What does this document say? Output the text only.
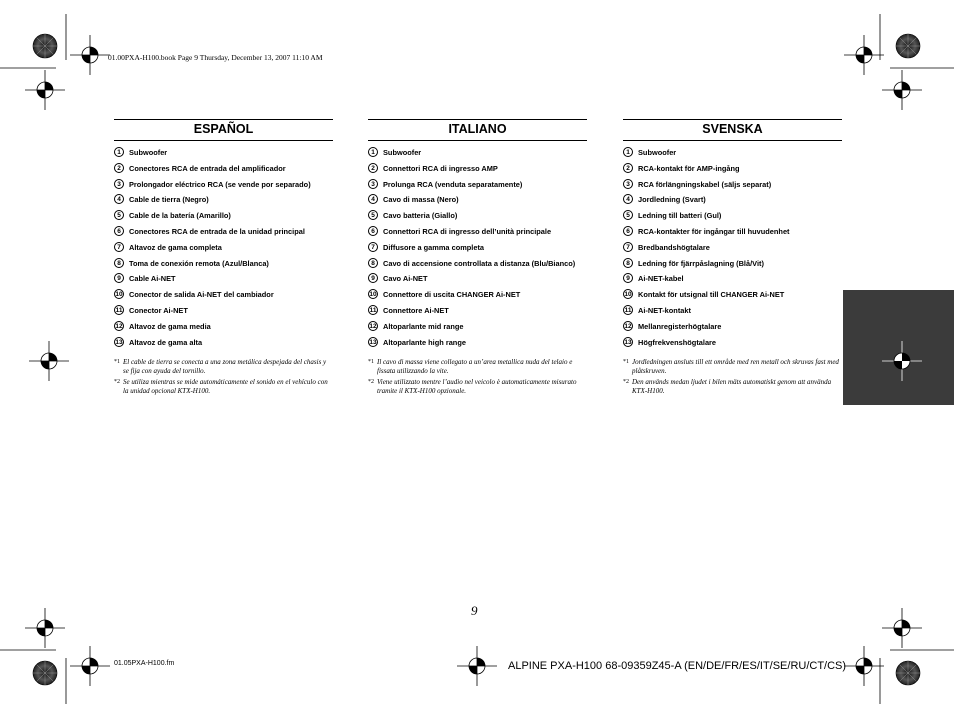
01.00PXA-H100.book Page 9 Thursday, December 13, 2007 11:10 AM
ESPAÑOL
1	Subwoofer
2	Conectores RCA de entrada del amplificador
3	Prolongador eléctrico RCA (se vende por separado)
4	Cable de tierra (Negro)
5	Cable de la batería (Amarillo)
6	Conectores RCA de entrada de la unidad principal
7	Altavoz de gama completa
8	Toma de conexión remota (Azul/Blanca)
9	Cable Ai-NET
10 Conector de salida Ai-NET del cambiador
11 Conector Ai-NET
12 Altavoz de gama media
13 Altavoz de gama alta
*1 El cable de tierra se conecta a una zona metálica despejada del chasis y se fija con ayuda del tornillo.
*2 Se utiliza mientras se mide automáticamente el sonido en el vehículo con la unidad opcional KTX-H100.
ITALIANO
1	Subwoofer
2	Connettori RCA di ingresso AMP
3	Prolunga RCA (venduta separatamente)
4	Cavo di massa (Nero)
5	Cavo batteria (Giallo)
6	Connettori RCA di ingresso dell’unità principale
7	Diffusore a gamma completa
8	Cavo di accensione controllata a distanza (Blu/Bianco)
9	Cavo Ai-NET
10 Connettore di uscita CHANGER Ai-NET
11 Connettore Ai-NET
12 Altoparlante mid range
13 Altoparlante high range
*1 Il cavo di massa viene collegato a un’area metallica nuda del telaio e fissata utilizzando la vite.
*2 Viene utilizzato mentre l’audio nel veicolo è automaticamente misurato tramite il KTX-H100 opzionale.
SVENSKA
1	Subwoofer
2	RCA-kontakt för AMP-ingång
3	RCA förlängningskabel (säljs separat)
4	Jordledning (Svart)
5	Ledning till batteri (Gul)
6	RCA-kontakter för ingångar till huvudenhet
7	Bredbandshögtalare
8	Ledning för fjärrpåslagning (Blå/Vit)
9	Ai-NET-kabel
10 Kontakt för utsignal till CHANGER Ai-NET
11 Ai-NET-kontakt
12 Mellanregisterhögtalare
13 Högfrekvenshögtalare
*1 Jordledningen ansluts till ett område med ren metall och skruvas fast med plåtskruven.
*2 Den används medan ljudet i bilen mäts automatiskt genom att använda KTX-H100.
9
01.05PXA-H100.fm	ALPINE PXA-H100 68-09359Z45-A (EN/DE/FR/ES/IT/SE/RU/CT/CS)
